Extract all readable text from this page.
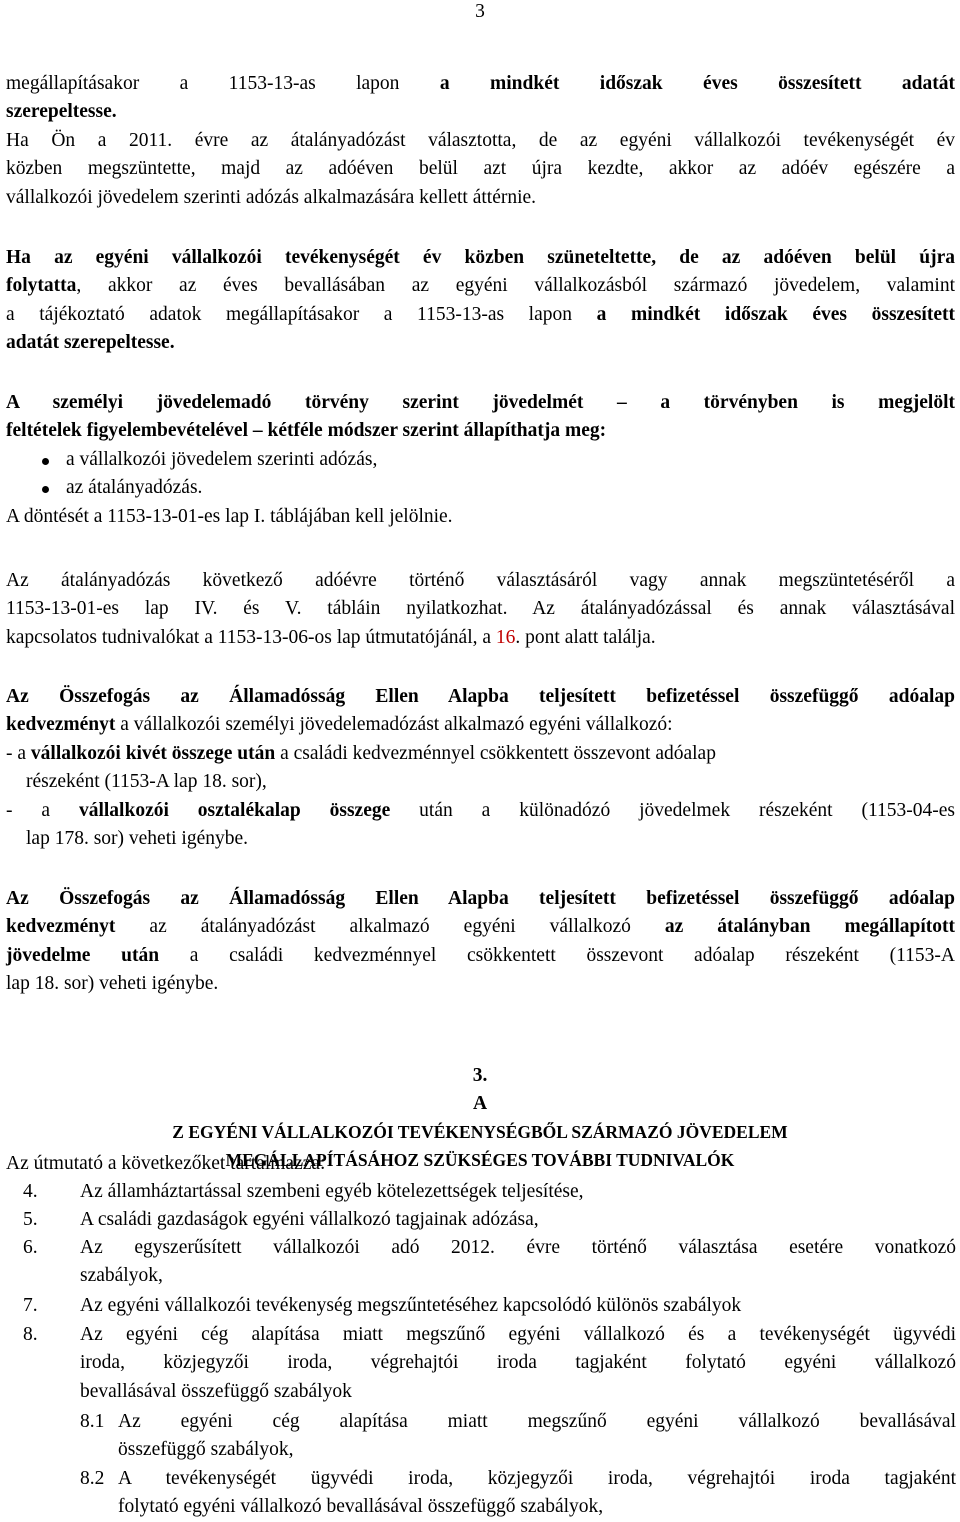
3
megállapításakor a 1153-13-as lapon a mindkét időszak éves összesített adatát
szerepeltesse.
Ha Ön a 2011. évre az átalányadózást választotta, de az egyéni vállalkozói tevékenységét év
közben megszüntette, majd az adóéven belül azt újra kezdte, akkor az adóév egészére a
vállalkozói jövedelem szerinti adózás alkalmazására kellett áttérnie.
Ha az egyéni vállalkozói tevékenységét év közben szüneteltette, de az adóéven belül újra
folytatta, akkor az éves bevallásában az egyéni vállalkozásból származó jövedelem, valamint
a tájékoztató adatok megállapításakor a 1153-13-as lapon a mindkét időszak éves összesített
adatát szerepeltesse.
A személyi jövedelemadó törvény szerint jövedelmét – a törvényben is megjelölt
feltételek figyelembevételével – kétféle módszer szerint állapíthatja meg:
a vállalkozói jövedelem szerinti adózás,
az átalányadózás.
A döntését a 1153-13-01-es lap I. táblájában kell jelölnie.
Az átalányadózás következő adóévre történő választásáról vagy annak megszüntetéséről a
1153-13-01-es lap IV. és V. tábláin nyilatkozhat. Az átalányadózással és annak választásával
kapcsolatos tudnivalókat a 1153-13-06-os lap útmutatójánál, a 16. pont alatt találja.
Az Összefogás az Államadósság Ellen Alapba teljesített befizetéssel összefüggő adóalap
kedvezményt a vállalkozói személyi jövedelemadózást alkalmazó egyéni vállalkozó:
- a vállalkozói kivét összege után a családi kedvezménnyel csökkentett összevont adóalap
részeként (1153-A lap 18. sor),
- a vállalkozói osztalékalap összege után a különadózó jövedelmek részeként (1153-04-es
lap 178. sor) veheti igénybe.
Az Összefogás az Államadósság Ellen Alapba teljesített befizetéssel összefüggő adóalap
kedvezményt az átalányadózást alkalmazó egyéni vállalkozó az átalányban megállapított
jövedelme után a családi kedvezménnyel csökkentett összevont adóalap részeként (1153-A
lap 18. sor) veheti igénybe.
3.
A
Z EGYÉNI VÁLLALKOZÓI TEVÉKENYSÉGBŐL SZÁRMAZÓ JÖVEDELEM
MEGÁLLAPÍTÁSÁHOZ SZÜKSÉGES TOVÁBBI TUDNIVALÓK
Az útmutató a következőket tartalmazza:
4. Az államháztartással szembeni egyéb kötelezettségek teljesítése,
5. A családi gazdaságok egyéni vállalkozó tagjainak adózása,
6. Az egyszerűsített vállalkozói adó 2012. évre történő választása esetére vonatkozó
szabályok,
7. Az egyéni vállalkozói tevékenység megszűntetéséhez kapcsolódó különös szabályok
8. Az egyéni cég alapítása miatt megszűnő egyéni vállalkozó és a tevékenységét ügyvédi
iroda, közjegyzői iroda, végrehajtói iroda tagjaként folytató egyéni vállalkozó
bevallásával összefüggő szabályok
8.1 Az egyéni cég alapítása miatt megszűnő egyéni vállalkozó bevallásával
összefüggő szabályok,
8.2 A tevékenységét ügyvédi iroda, közjegyzői iroda, végrehajtói iroda tagjaként
folytató egyéni vállalkozó bevallásával összefüggő szabályok,
